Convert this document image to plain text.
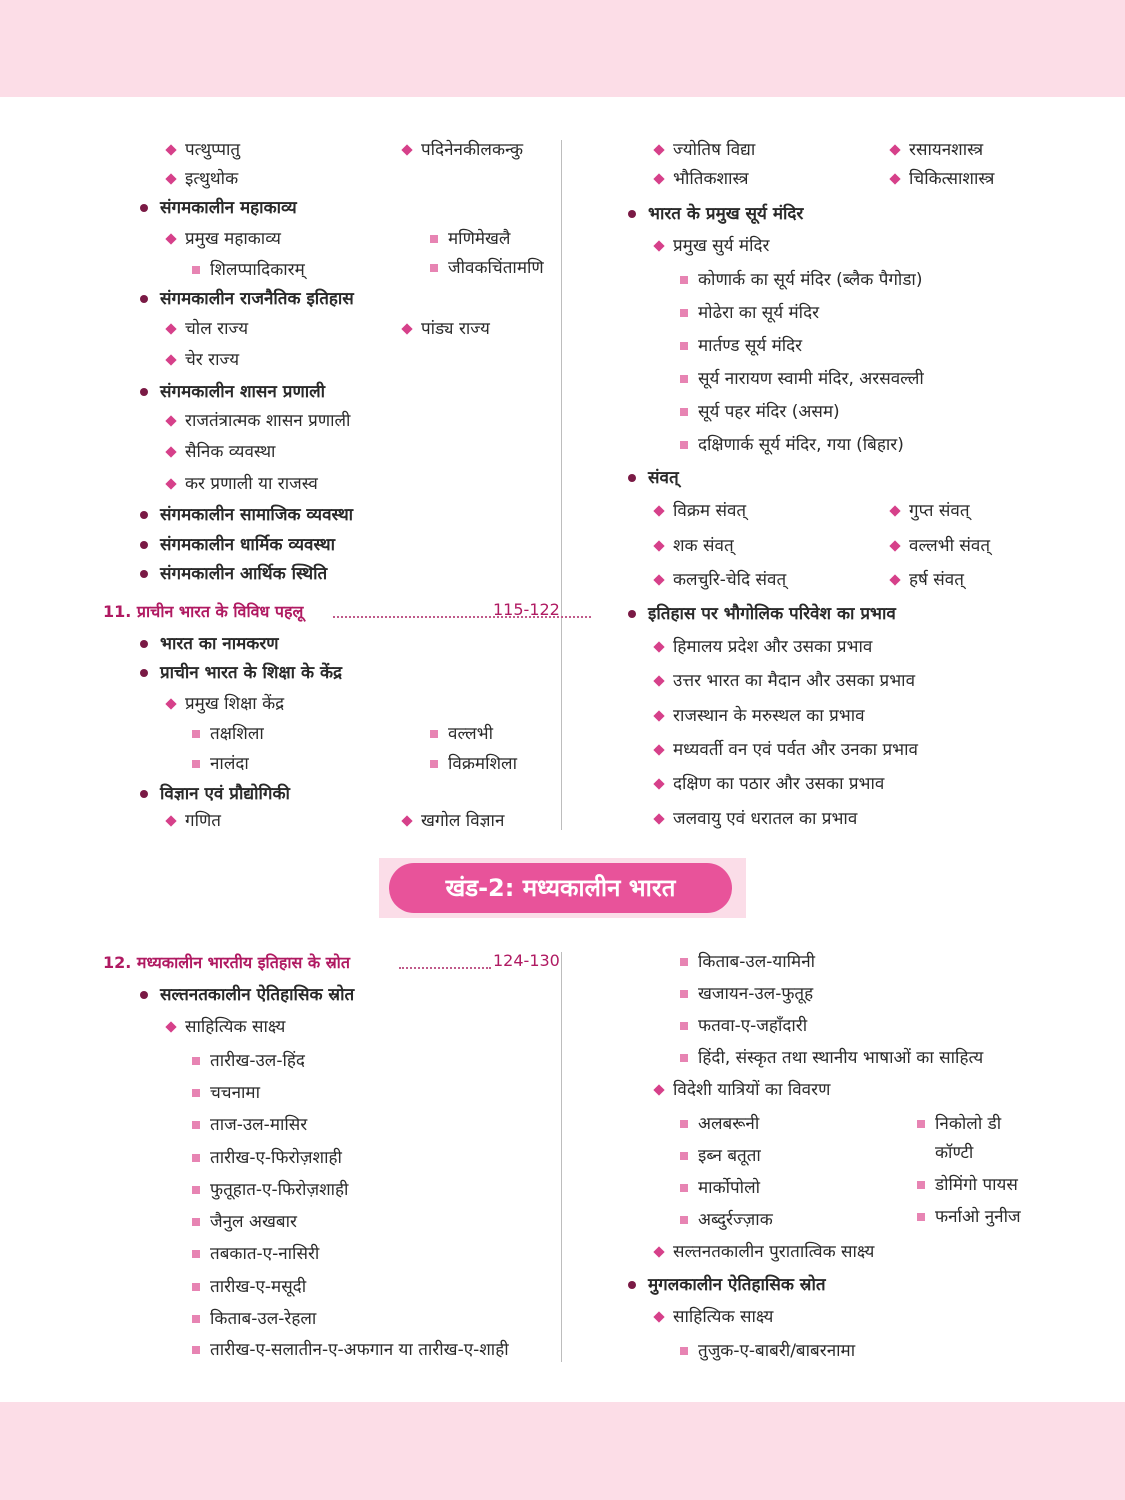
11. प्राचीन भारत के विविध पहलू	115-122
खंड-2: मध्यकालीन भारत
12. मध्यकालीन भारतीय इतिहास के स्रोत	124-130
पत्थुप्पातु	पदिनेनकीलकन्कु
इत्थुथोक
संगमकालीन महाकाव्य
प्रमुख महाकाव्य	मणिमेखलै
शिलप्पादिकारम्	जीवकचिंतामणि
संगमकालीन राजनैतिक इतिहास
चोल राज्य	पांड्य राज्य
चेर राज्य
संगमकालीन शासन प्रणाली
राजतंत्रात्मक शासन प्रणाली
सैनिक व्यवस्था
कर प्रणाली या राजस्व
संगमकालीन सामाजिक व्यवस्था
संगमकालीन धार्मिक व्यवस्था
संगमकालीन आर्थिक स्थिति
भारत का नामकरण
प्राचीन भारत के शिक्षा के केंद्र
प्रमुख शिक्षा केंद्र
तक्षशिला	वल्लभी
नालंदा	विक्रमशिला
विज्ञान एवं प्रौद्योगिकी
गणित	खगोल विज्ञान
ज्योतिष विद्या	रसायनशास्त्र
भौतिकशास्त्र	चिकित्साशास्त्र
भारत के प्रमुख सूर्य मंदिर
प्रमुख सुर्य मंदिर
कोणार्क का सूर्य मंदिर (ब्लैक पैगोडा)
मोढेरा का सूर्य मंदिर
मार्तण्ड सूर्य मंदिर
सूर्य नारायण स्वामी मंदिर, अरसवल्ली
सूर्य पहर मंदिर (असम)
दक्षिणार्क सूर्य मंदिर, गया (बिहार)
संवत्
विक्रम संवत्	गुप्त संवत्
शक संवत्	वल्लभी संवत्
कलचुरि-चेदि संवत्	हर्ष संवत्
इतिहास पर भौगोलिक परिवेश का प्रभाव
हिमालय प्रदेश और उसका प्रभाव
उत्तर भारत का मैदान और उसका प्रभाव
राजस्थान के मरुस्थल का प्रभाव
मध्यवर्ती वन एवं पर्वत और उनका प्रभाव
दक्षिण का पठार और उसका प्रभाव
जलवायु एवं धरातल का प्रभाव
सल्तनतकालीन ऐतिहासिक स्रोत
साहित्यिक साक्ष्य
तारीख-उल-हिंद
चचनामा
ताज-उल-मासिर
तारीख-ए-फिरोज़शाही
फुतूहात-ए-फिरोज़शाही
जैनुल अखबार
तबकात-ए-नासिरी
तारीख-ए-मसूदी
किताब-उल-रेहला
तारीख-ए-सलातीन-ए-अफगान या तारीख-ए-शाही
किताब-उल-यामिनी
खजायन-उल-फुतूह
फतवा-ए-जहाँदारी
हिंदी, संस्कृत तथा स्थानीय भाषाओं का साहित्य
विदेशी यात्रियों का विवरण
अलबरूनी	निकोलो डी
कॉण्टी
इब्न बतूता
मार्कोपोलो	डोमिंगो पायस
अब्दुर्रज्ज़ाक	फर्नाओ नुनीज
सल्तनतकालीन पुरातात्विक साक्ष्य
मुगलकालीन ऐतिहासिक स्रोत
साहित्यिक साक्ष्य
तुजुक-ए-बाबरी/बाबरनामा
